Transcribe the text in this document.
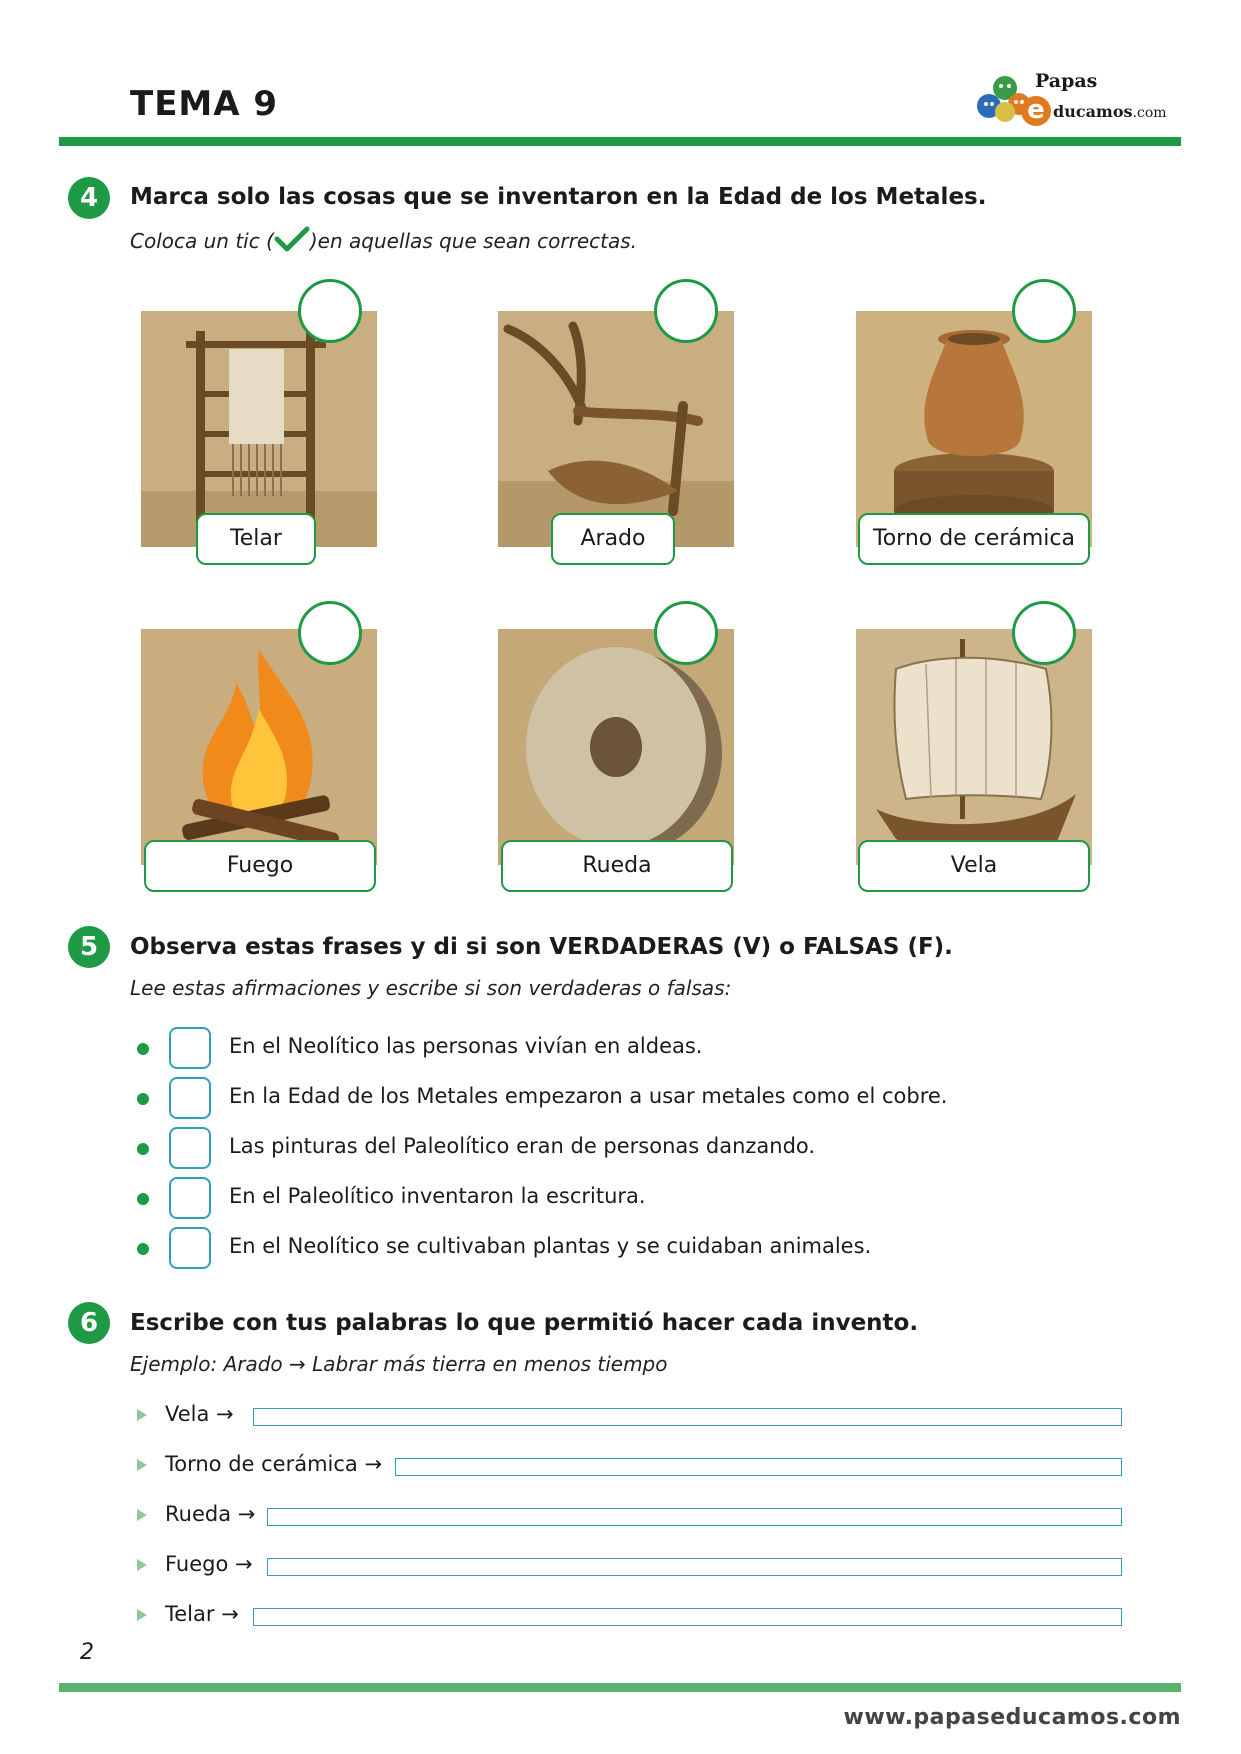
TEMA 9
Papas
e ducamos.com
4	Marca solo las cosas que se inventaron en la Edad de los Metales.
Coloca un tic ( )en aquellas que sean correctas.
Telar	Arado	Torno de cerámica
Fuego	Rueda	Vela
5	Observa estas frases y di si son VERDADERAS (V) o FALSAS (F).
Lee estas afirmaciones y escribe si son verdaderas o falsas:
En el Neolítico las personas vivían en aldeas.
En la Edad de los Metales empezaron a usar metales como el cobre.
Las pinturas del Paleolítico eran de personas danzando.
En el Paleolítico inventaron la escritura.
En el Neolítico se cultivaban plantas y se cuidaban animales.
6	Escribe con tus palabras lo que permitió hacer cada invento.
Ejemplo: Arado → Labrar más tierra en menos tiempo
Vela →
Torno de cerámica →
Rueda →
Fuego →
Telar →
2
www.papaseducamos.com
